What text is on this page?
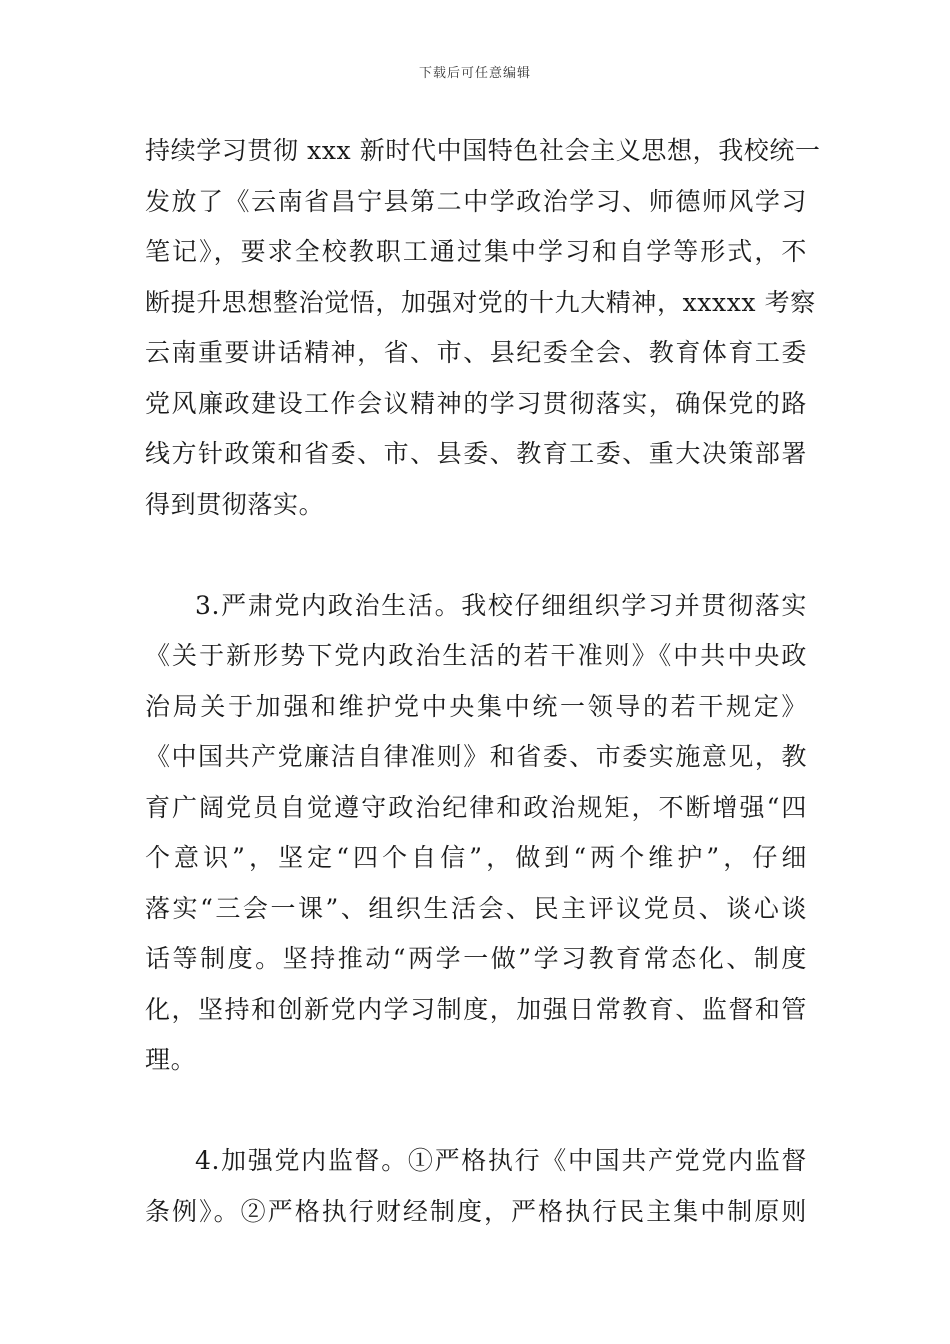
下载后可任意编辑
持续学习贯彻 xxx 新时代中国特色社会主义思想，我校统一
发放了《云南省昌宁县第二中学政治学习、师德师风学习
笔记》，要求全校教职工通过集中学习和自学等形式，不
断提升思想整治觉悟，加强对党的十九大精神，xxxxx 考察
云南重要讲话精神，省、市、县纪委全会、教育体育工委
党风廉政建设工作会议精神的学习贯彻落实，确保党的路
线方针政策和省委、市、县委、教育工委、重大决策部署
得到贯彻落实。
3.严肃党内政治生活。我校仔细组织学习并贯彻落实
《关于新形势下党内政治生活的若干准则》《中共中央政
治局关于加强和维护党中央集中统一领导的若干规定》
《中国共产党廉洁自律准则》和省委、市委实施意见，教
育广阔党员自觉遵守政治纪律和政治规矩，不断增强“四
个意识”，坚定“四个自信”，做到“两个维护”，仔细
落实“三会一课”、组织生活会、民主评议党员、谈心谈
话等制度。坚持推动“两学一做”学习教育常态化、制度
化，坚持和创新党内学习制度，加强日常教育、监督和管
理。
4.加强党内监督。①严格执行《中国共产党党内监督
条例》。②严格执行财经制度，严格执行民主集中制原则
